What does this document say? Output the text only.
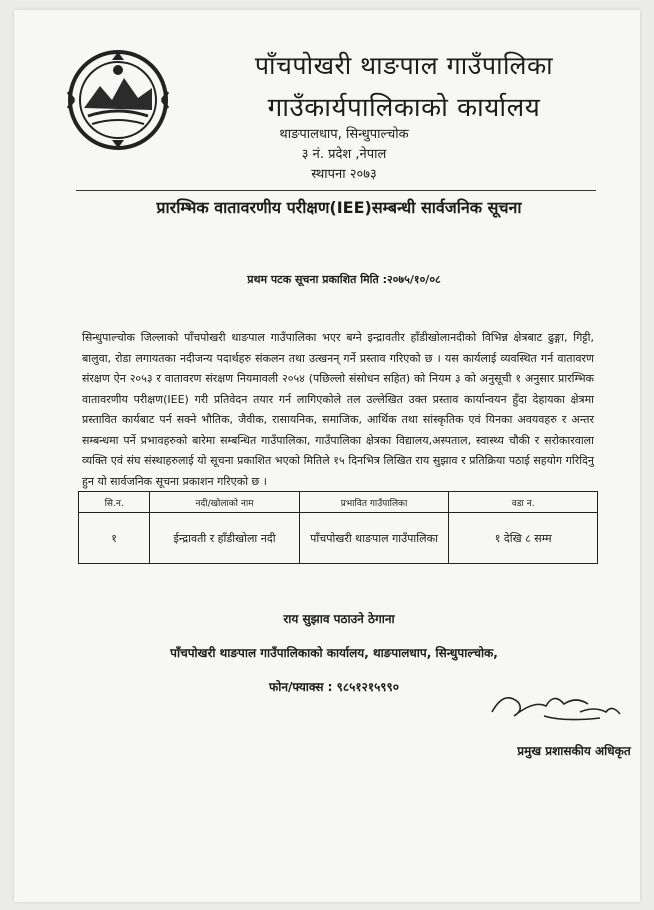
पाँचपोखरी थाङपाल गाउँपालिका
गाउँकार्यपालिकाको कार्यालय
थाङपालधाप, सिन्धुपाल्चोक
३ नं. प्रदेश ,नेपाल
स्थापना २०७३
प्रारम्भिक वातावरणीय परीक्षण(IEE)सम्बन्धी सार्वजनिक सूचना
प्रथम पटक सूचना प्रकाशित मिति :२०७५/१०/०८
सिन्धुपाल्चोक जिल्लाको पाँचपोखरी थाङपाल गाउँपालिका भएर बग्ने इन्द्रावतीर हाँडीखोलानदीको विभिन्न क्षेत्रबाट ढुङ्गा, गिट्टी, बालुवा, रोडा लगायतका नदीजन्य पदार्थहरु संकलन तथा उत्खनन् गर्ने प्रस्ताव गरिएको छ । यस कार्यलाई व्यवस्थित गर्न वातावरण संरक्षण ऐन २०५३ र वातावरण संरक्षण नियमावली २०५४ (पछिल्लो संसोधन सहित) को नियम ३ को अनुसूची १ अनुसार प्रारम्भिक वातावरणीय परीक्षण(IEE) गरी प्रतिवेदन तयार गर्न लागिएकोले तल उल्लेखित उक्त प्रस्ताव कार्यान्वयन हुँदा देहायका क्षेत्रमा प्रस्तावित कार्यबाट पर्न सक्ने भौतिक, जैवीक, रासायनिक, समाजिक, आर्थिक तथा सांस्कृतिक एवं यिनका अवयवहरु र अन्तर सम्बन्धमा पर्ने प्रभावहरुको बारेमा सम्बन्धित गाउँपालिका, गाउँपालिका क्षेत्रका विद्यालय,अस्पताल, स्वास्थ्य चौकी र सरोकारवाला व्यक्ति एवं संघ संस्थाहरुलाई यो सूचना प्रकाशित भएको मितिले १५ दिनभित्र लिखित राय सुझाव र प्रतिक्रिया पठाई सहयोग गरिदिनु हुन यो सार्वजनिक सूचना प्रकाशन गरिएको छ ।
सि.न.	नदी/खोलाको नाम	प्रभावित गाउँपालिका	वडा न.
१	ईन्द्रावती र हाँडीखोला नदी	पाँचपोखरी थाङपाल गाउँपालिका	१ देखि ८ सम्म
राय सुझाव पठाउने ठेगाना
पाँचपोखरी थाङपाल गाउँपालिकाको कार्यालय, थाङपालधाप, सिन्धुपाल्चोक,
फोन/फ्याक्स : ९८५१२१५९९०
प्रमुख प्रशासकीय अधिकृत
